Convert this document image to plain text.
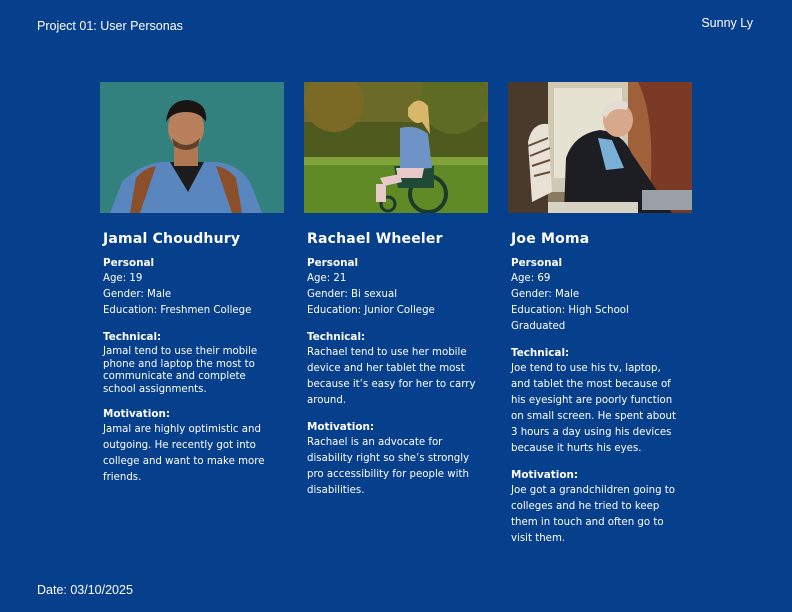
Project 01: User Personas	Sunny Ly
Jamal Choudhury
Personal
Age: 19
Gender: Male
Education: Freshmen College
Technical:
Jamal tend to use their mobile
phone and laptop the most to
communicate and complete
school assignments.
Motivation:
Jamal are highly optimistic and
outgoing. He recently got into
college and want to make more
friends.
Rachael Wheeler
Personal
Age: 21
Gender: Bi sexual
Education: Junior College
Technical:
Rachael tend to use her mobile
device and her tablet the most
because it’s easy for her to carry
around.
Motivation:
Rachael is an advocate for
disability right so she’s strongly
pro accessibility for people with
disabilities.
Joe Moma
Personal
Age: 69
Gender: Male
Education: High School
Graduated
Technical:
Joe tend to use his tv, laptop,
and tablet the most because of
his eyesight are poorly function
on small screen. He spent about
3 hours a day using his devices
because it hurts his eyes.
Motivation:
Joe got a grandchildren going to
colleges and he tried to keep
them in touch and often go to
visit them.
Date: 03/10/2025
